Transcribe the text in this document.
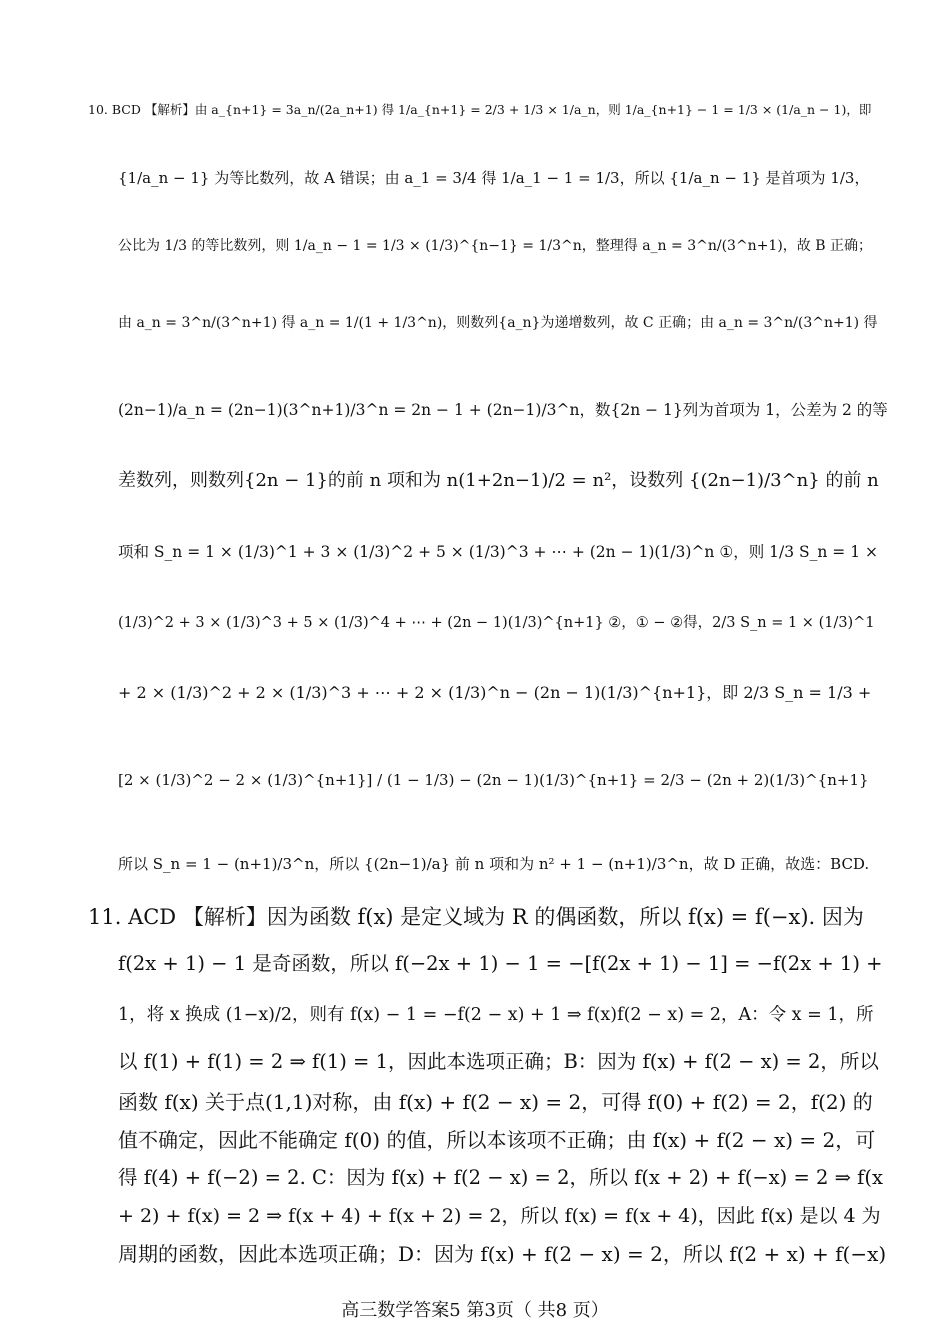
10. BCD 【解析】由 a_{n+1} = 3a_n/(2a_n+1) 得 1/a_{n+1} = 2/3 + 1/3 × 1/a_n，则 1/a_{n+1} − 1 = 1/3 × (1/a_n − 1)，即
{1/a_n − 1} 为等比数列，故 A 错误；由 a_1 = 3/4 得 1/a_1 − 1 = 1/3，所以 {1/a_n − 1} 是首项为 1/3，
公比为 1/3 的等比数列，则 1/a_n − 1 = 1/3 × (1/3)^{n−1} = 1/3^n，整理得 a_n = 3^n/(3^n+1)，故 B 正确；
由 a_n = 3^n/(3^n+1) 得 a_n = 1/(1 + 1/3^n)，则数列{a_n}为递增数列，故 C 正确；由 a_n = 3^n/(3^n+1) 得
(2n−1)/a_n = (2n−1)(3^n+1)/3^n = 2n − 1 + (2n−1)/3^n，数{2n − 1}列为首项为 1，公差为 2 的等
差数列，则数列{2n − 1}的前 n 项和为 n(1+2n−1)/2 = n²，设数列 {(2n−1)/3^n} 的前 n
项和 S_n = 1 × (1/3)^1 + 3 × (1/3)^2 + 5 × (1/3)^3 + ⋯ + (2n − 1)(1/3)^n ①，则 1/3 S_n = 1 ×
(1/3)^2 + 3 × (1/3)^3 + 5 × (1/3)^4 + ⋯ + (2n − 1)(1/3)^{n+1} ②，① − ②得，2/3 S_n = 1 × (1/3)^1
+ 2 × (1/3)^2 + 2 × (1/3)^3 + ⋯ + 2 × (1/3)^n − (2n − 1)(1/3)^{n+1}，即 2/3 S_n = 1/3 +
[2 × (1/3)^2 − 2 × (1/3)^{n+1}] / (1 − 1/3) − (2n − 1)(1/3)^{n+1} = 2/3 − (2n + 2)(1/3)^{n+1}
所以 S_n = 1 − (n+1)/3^n，所以 {(2n−1)/a} 前 n 项和为 n² + 1 − (n+1)/3^n，故 D 正确，故选：BCD.
11. ACD 【解析】因为函数 f(x) 是定义域为 R 的偶函数，所以 f(x) = f(−x). 因为
f(2x + 1) − 1 是奇函数，所以 f(−2x + 1) − 1 = −[f(2x + 1) − 1] = −f(2x + 1) +
1，将 x 换成 (1−x)/2，则有 f(x) − 1 = −f(2 − x) + 1 ⇒ f(x)f(2 − x) = 2，A：令 x = 1，所
以 f(1) + f(1) = 2 ⇒ f(1) = 1，因此本选项正确；B：因为 f(x) + f(2 − x) = 2，所以
函数 f(x) 关于点(1,1)对称，由 f(x) + f(2 − x) = 2，可得 f(0) + f(2) = 2，f(2) 的
值不确定，因此不能确定 f(0) 的值，所以本该项不正确；由 f(x) + f(2 − x) = 2，可
得 f(4) + f(−2) = 2. C：因为 f(x) + f(2 − x) = 2，所以 f(x + 2) + f(−x) = 2 ⇒ f(x
+ 2) + f(x) = 2 ⇒ f(x + 4) + f(x + 2) = 2，所以 f(x) = f(x + 4)，因此 f(x) 是以 4 为
周期的函数，因此本选项正确；D：因为 f(x) + f(2 − x) = 2，所以 f(2 + x) + f(−x)
高三数学答案5 第3页（ 共8 页）
